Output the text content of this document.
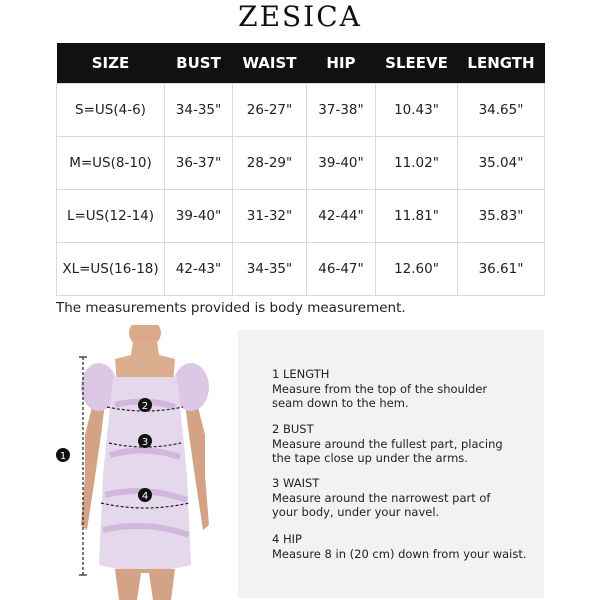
ZESICA
SIZE	BUST	WAIST	HIP	SLEEVE	LENGTH
S=US(4-6)	34-35"	26-27"	37-38"	10.43"	34.65"
M=US(8-10)	36-37"	28-29"	39-40"	11.02"	35.04"
L=US(12-14)	39-40"	31-32"	42-44"	11.81"	35.83"
XL=US(16-18)	42-43"	34-35"	46-47"	12.60"	36.61"
The measurements provided is body measurement.
1
2
3
4
1 LENGTH
Measure from the top of the shoulder
seam down to the hem.
2 BUST
Measure around the fullest part, placing
the tape close up under the arms.
3 WAIST
Measure around the narrowest part of
your body, under your navel.
4 HIP
Measure 8 in (20 cm) down from your waist.
